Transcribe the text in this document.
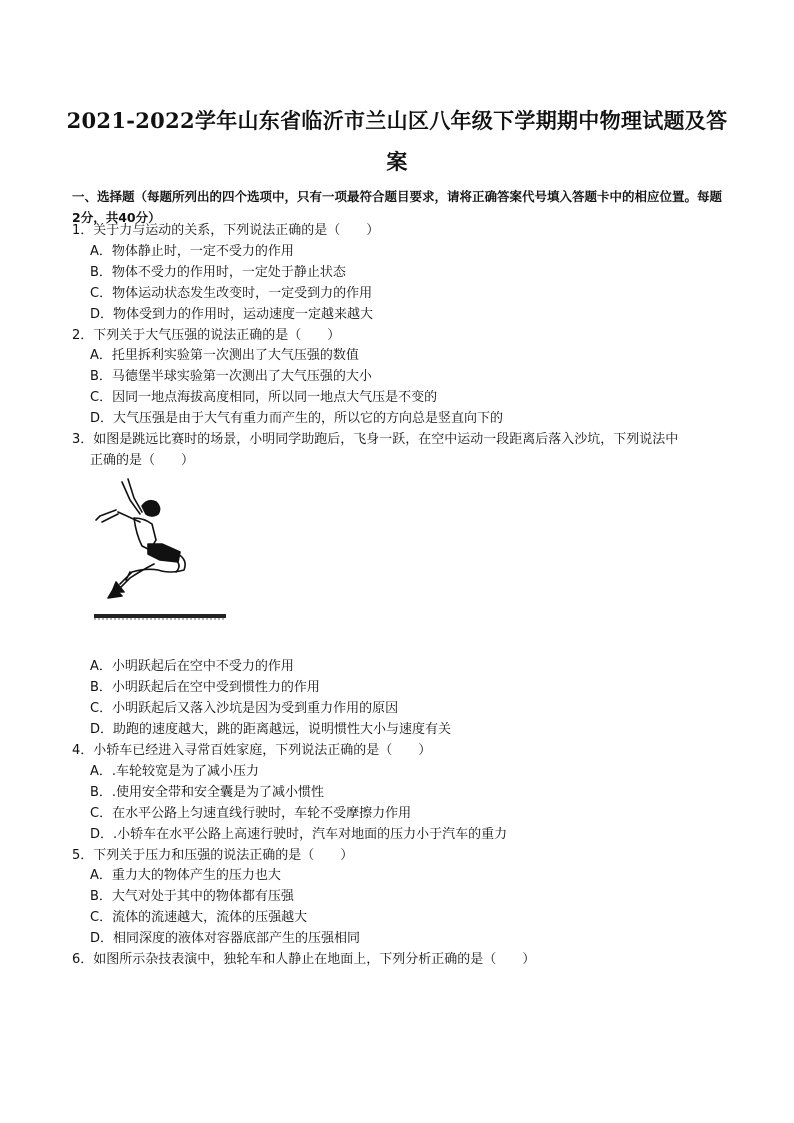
2021-2022学年山东省临沂市兰山区八年级下学期期中物理试题及答
案
一、选择题（每题所列出的四个选项中，只有一项最符合题目要求，请将正确答案代号填入答题卡中的相应位置。每题2分，共40分）
1．关于力与运动的关系，下列说法正确的是（　　）
A．物体静止时，一定不受力的作用
B．物体不受力的作用时，一定处于静止状态
C．物体运动状态发生改变时，一定受到力的作用
D．物体受到力的作用时，运动速度一定越来越大
2．下列关于大气压强的说法正确的是（　　）
A．托里拆利实验第一次测出了大气压强的数值
B．马德堡半球实验第一次测出了大气压强的大小
C．因同一地点海拔高度相同，所以同一地点大气压是不变的
D．大气压强是由于大气有重力而产生的，所以它的方向总是竖直向下的
3．如图是跳远比赛时的场景，小明同学助跑后，飞身一跃，在空中运动一段距离后落入沙坑，下列说法中
正确的是（　　）
A．小明跃起后在空中不受力的作用
B．小明跃起后在空中受到惯性力的作用
C．小明跃起后又落入沙坑是因为受到重力作用的原因
D．助跑的速度越大，跳的距离越远，说明惯性大小与速度有关
4．小轿车已经进入寻常百姓家庭，下列说法正确的是（　　）
A．.车轮较宽是为了减小压力
B．.使用安全带和安全囊是为了减小惯性
C．在水平公路上匀速直线行驶时，车轮不受摩擦力作用
D．.小轿车在水平公路上高速行驶时，汽车对地面的压力小于汽车的重力
5．下列关于压力和压强的说法正确的是（　　）
A．重力大的物体产生的压力也大
B．大气对处于其中的物体都有压强
C．流体的流速越大，流体的压强越大
D．相同深度的液体对容器底部产生的压强相同
6．如图所示杂技表演中，独轮车和人静止在地面上，下列分析正确的是（　　）
